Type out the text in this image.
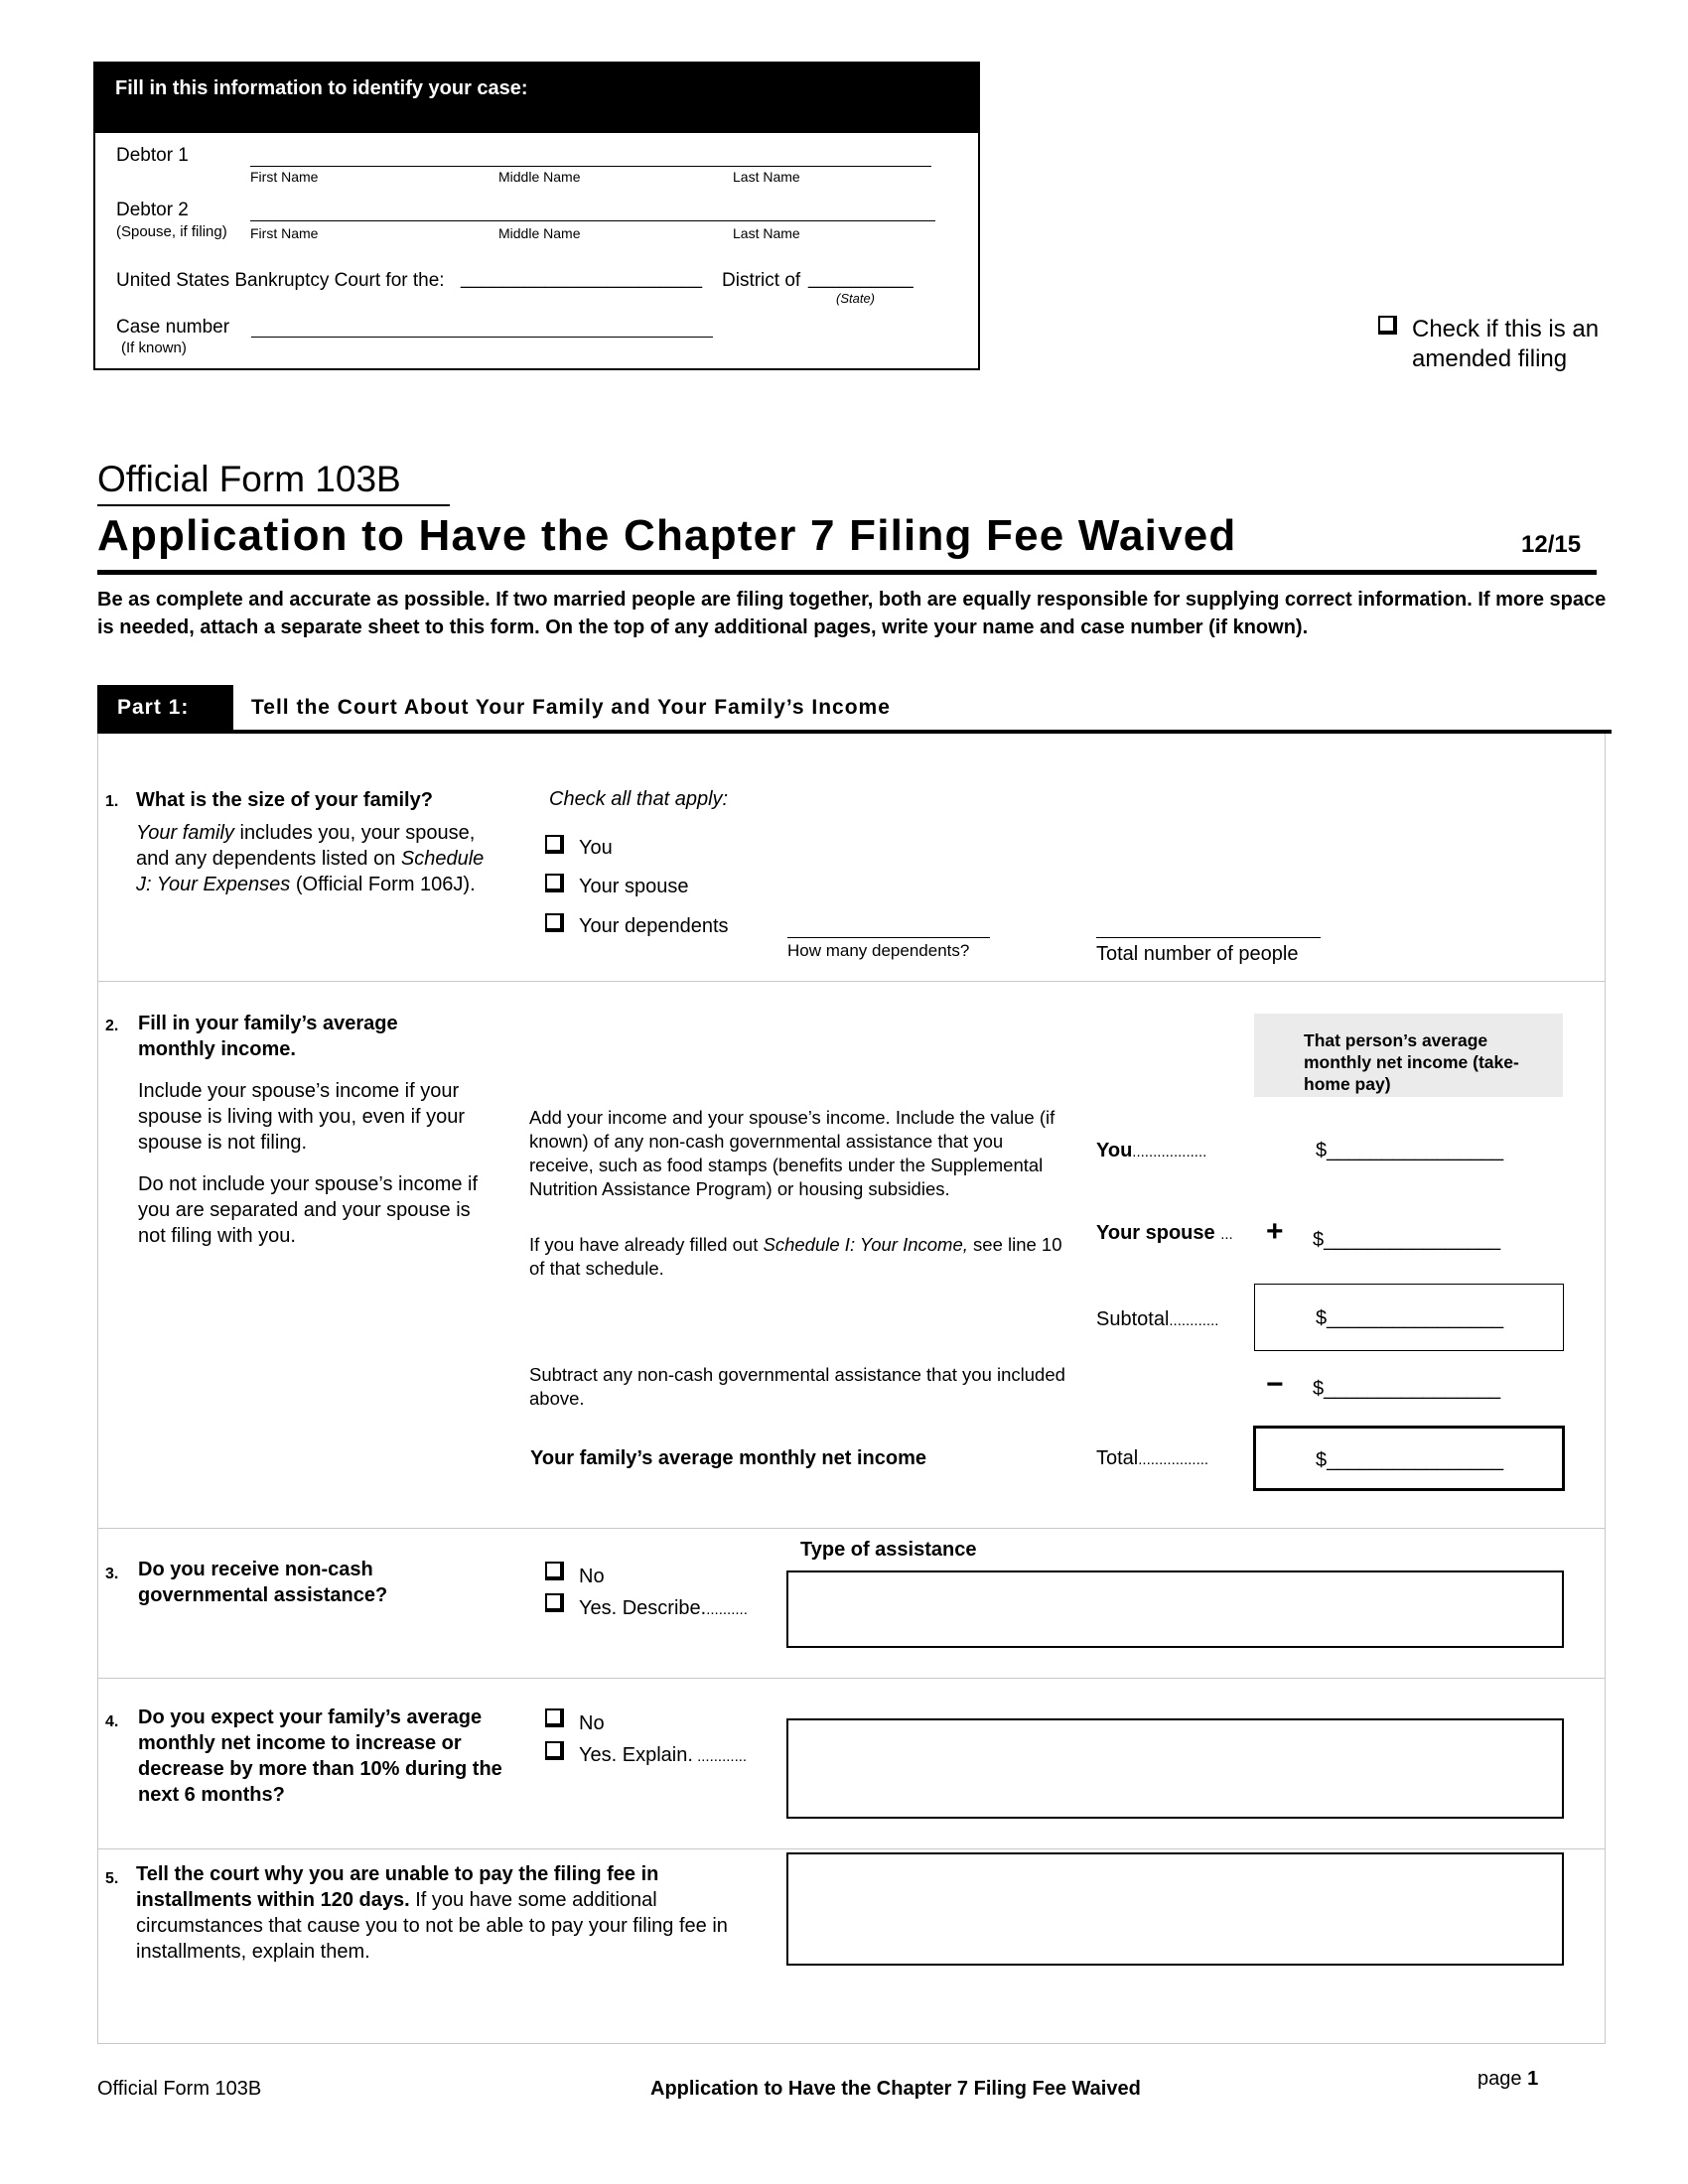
Fill in this information to identify your case:
Debtor 1
First Name	Middle Name	Last Name
Debtor 2
(Spouse, if filing) First Name	Middle Name	Last Name
United States Bankruptcy Court for the: _______________________ District of __________
(State)
Case number
(If known)
Check if this is an
amended filing
Official Form 103B
Application to Have the Chapter 7 Filing Fee Waived	12/15
Be as complete and accurate as possible. If two married people are filing together, both are equally responsible for supplying correct information. If more space is needed, attach a separate sheet to this form. On the top of any additional pages, write your name and case number (if known).
Part 1:	Tell the Court About Your Family and Your Family’s Income
1. What is the size of your family?
Your family includes you, your spouse, and any dependents listed on Schedule J: Your Expenses (Official Form 106J).
Check all that apply:
You
Your spouse
Your dependents
How many dependents?	Total number of people
2. Fill in your family’s average monthly income.
Include your spouse’s income if your spouse is living with you, even if your spouse is not filing.
Do not include your spouse’s income if you are separated and your spouse is not filing with you.
That person’s average monthly net income (take-home pay)
Add your income and your spouse’s income. Include the value (if known) of any non-cash governmental assistance that you receive, such as food stamps (benefits under the Supplemental Nutrition Assistance Program) or housing subsidies.
If you have already filled out Schedule I: Your Income, see line 10 of that schedule.
You..................	$________________
Your spouse ... + $________________
Subtotal............	$________________
Subtract any non-cash governmental assistance that you included above.	− $________________
Your family’s average monthly net income	Total.................	$________________
3. Do you receive non-cash governmental assistance?
Type of assistance
No
Yes. Describe...........
4. Do you expect your family’s average monthly net income to increase or decrease by more than 10% during the next 6 months?
No
Yes. Explain. ............
5. Tell the court why you are unable to pay the filing fee in installments within 120 days. If you have some additional circumstances that cause you to not be able to pay your filing fee in installments, explain them.
Official Form 103B	Application to Have the Chapter 7 Filing Fee Waived	page 1
